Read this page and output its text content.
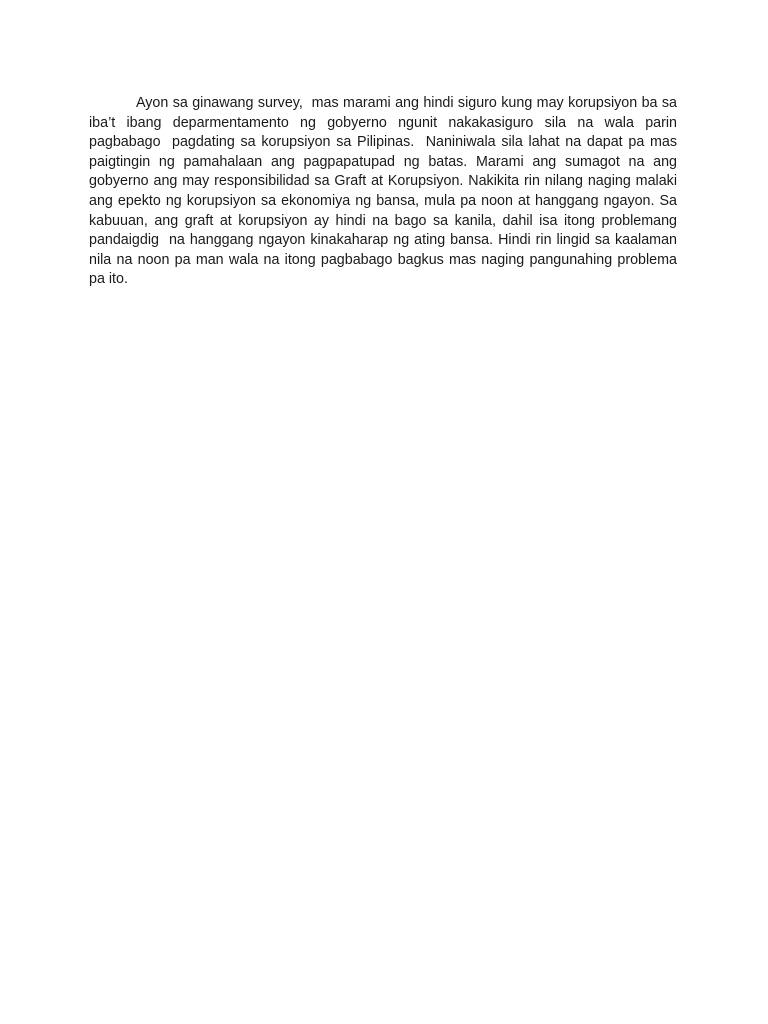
Ayon sa ginawang survey,  mas marami ang hindi siguro kung may korupsiyon ba sa iba’t ibang deparmentamento ng gobyerno ngunit nakakasiguro sila na wala parin pagbabago  pagdating sa korupsiyon sa Pilipinas.  Naniniwala sila lahat na dapat pa mas paigtingin ng pamahalaan ang pagpapatupad ng batas. Marami ang sumagot na ang gobyerno ang may responsibilidad sa Graft at Korupsiyon. Nakikita rin nilang naging malaki ang epekto ng korupsiyon sa ekonomiya ng bansa, mula pa noon at hanggang ngayon. Sa kabuuan, ang graft at korupsiyon ay hindi na bago sa kanila, dahil isa itong problemang pandaigdig  na hanggang ngayon kinakaharap ng ating bansa. Hindi rin lingid sa kaalaman nila na noon pa man wala na itong pagbabago bagkus mas naging pangunahing problema pa ito.
